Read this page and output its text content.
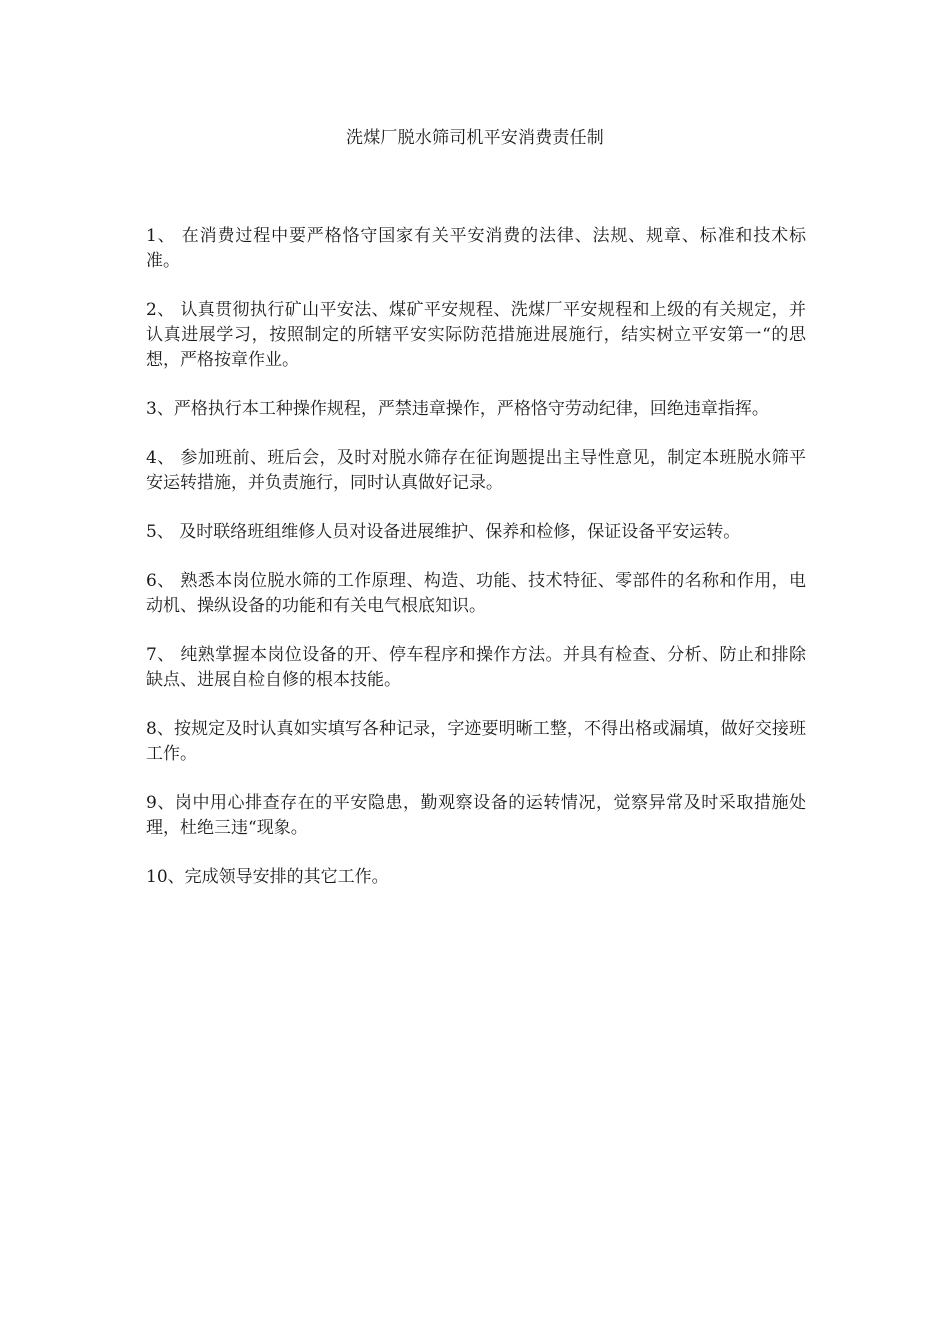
洗煤厂脱水筛司机平安消费责任制
1、 在消费过程中要严格恪守国家有关平安消费的法律、法规、规章、标准和技术标准。
2、 认真贯彻执行矿山平安法、煤矿平安规程、洗煤厂平安规程和上级的有关规定，并认真进展学习，按照制定的所辖平安实际防范措施进展施行，结实树立平安第一“的思想，严格按章作业。
3、严格执行本工种操作规程，严禁违章操作，严格恪守劳动纪律，回绝违章指挥。
4、 参加班前、班后会，及时对脱水筛存在征询题提出主导性意见，制定本班脱水筛平安运转措施，并负责施行，同时认真做好记录。
5、 及时联络班组维修人员对设备进展维护、保养和检修，保证设备平安运转。
6、 熟悉本岗位脱水筛的工作原理、构造、功能、技术特征、零部件的名称和作用，电动机、操纵设备的功能和有关电气根底知识。
7、 纯熟掌握本岗位设备的开、停车程序和操作方法。并具有检查、分析、防止和排除缺点、进展自检自修的根本技能。
8、按规定及时认真如实填写各种记录，字迹要明晰工整，不得出格或漏填，做好交接班工作。
9、岗中用心排查存在的平安隐患，勤观察设备的运转情况，觉察异常及时采取措施处理，杜绝三违“现象。
10、完成领导安排的其它工作。
